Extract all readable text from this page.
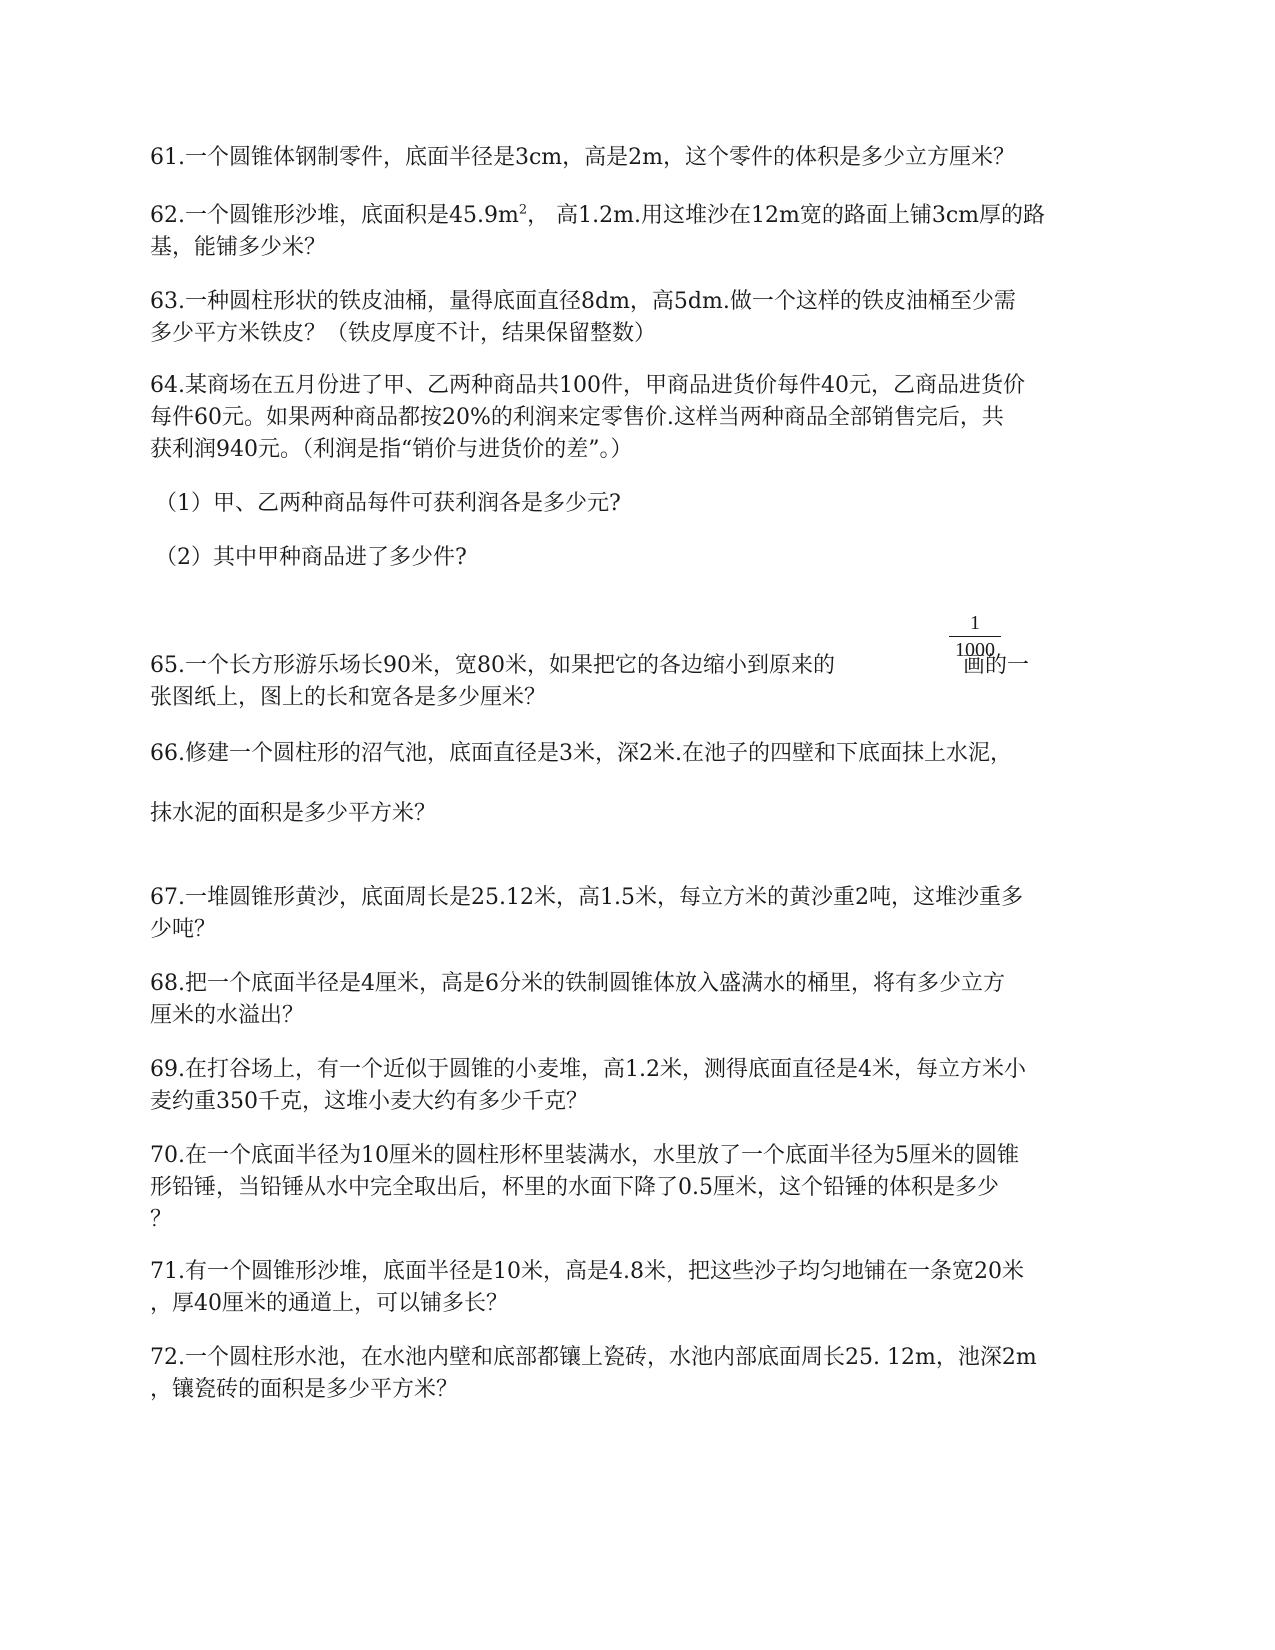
61.一个圆锥体钢制零件，底面半径是3cm，高是2m，这个零件的体积是多少立方厘米？

62.一个圆锥形沙堆，底面积是$45.9m^2$， 高1.2m.用这堆沙在12m宽的路面上铺3cm厚的路
基，能铺多少米？

63.一种圆柱形状的铁皮油桶，量得底面直径8dm，高5dm.做一个这样的铁皮油桶至少需
多少平方米铁皮？（铁皮厚度不计，结果保留整数）

64.某商场在五月份进了甲、乙两种商品共100件，甲商品进货价每件40元，乙商品进货价
每件60元。如果两种商品都按20%的利润来定零售价.这样当两种商品全部销售完后，共
获利润940元。（利润是指“销价与进货价的差”。）

（1）甲、乙两种商品每件可获利润各是多少元?

（2）其中甲种商品进了多少件?

65.一个长方形游乐场长90米，宽80米，如果把它的各边缩小到原来的	画的一
张图纸上，图上的长和宽各是多少厘米？

1
1000

66.修建一个圆柱形的沼气池，底面直径是3米，深2米.在池子的四壁和下底面抹上水泥，

抹水泥的面积是多少平方米？

67.一堆圆锥形黄沙，底面周长是25.12米，高1.5米，每立方米的黄沙重2吨，这堆沙重多
少吨？

68.把一个底面半径是4厘米，高是6分米的铁制圆锥体放入盛满水的桶里，将有多少立方
厘米的水溢出？

69.在打谷场上，有一个近似于圆锥的小麦堆，高1.2米，测得底面直径是4米，每立方米小
麦约重350千克，这堆小麦大约有多少千克？

70.在一个底面半径为10厘米的圆柱形杯里装满水，水里放了一个底面半径为5厘米的圆锥
形铅锤，当铅锤从水中完全取出后，杯里的水面下降了0.5厘米，这个铅锤的体积是多少
？

71.有一个圆锥形沙堆，底面半径是10米，高是4.8米，把这些沙子均匀地铺在一条宽20米
，厚40厘米的通道上，可以铺多长？

72.一个圆柱形水池，在水池内壁和底部都镶上瓷砖，水池内部底面周长25. 12m，池深2m
，镶瓷砖的面积是多少平方米？
